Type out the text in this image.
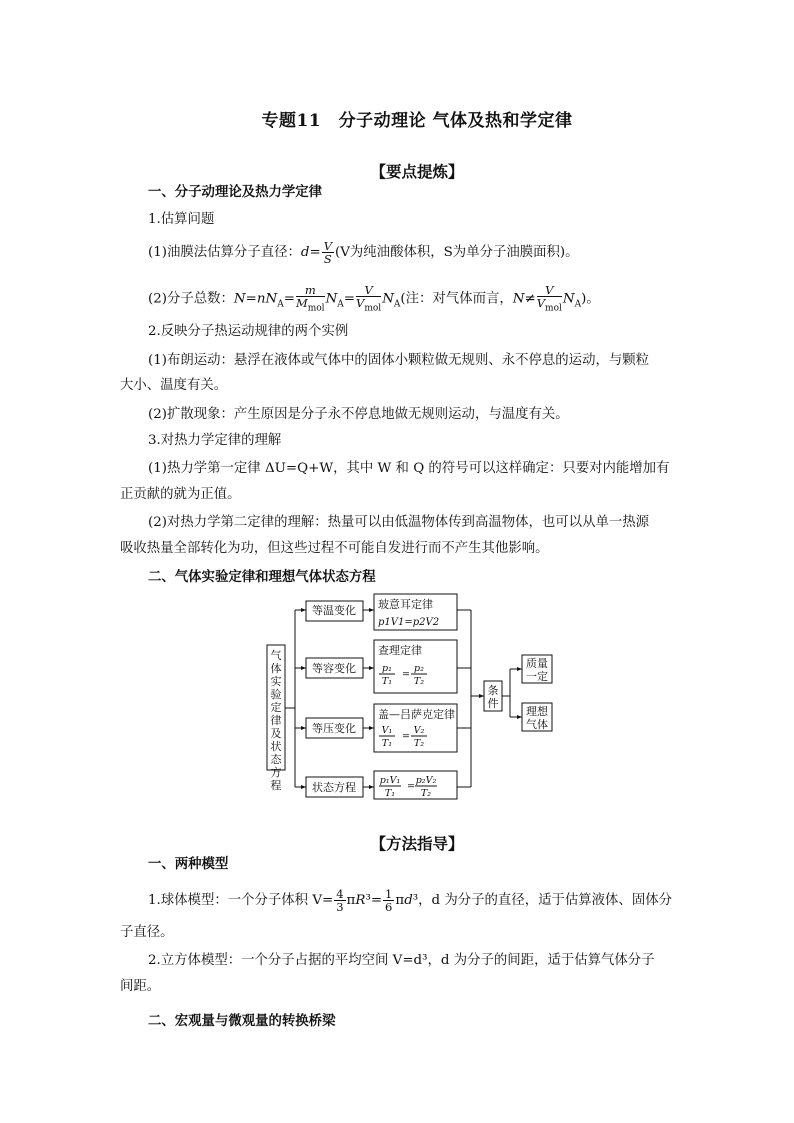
专题11　分子动理论 气体及热和学定律
【要点提炼】
一、分子动理论及热力学定律
1.估算问题
(1)油膜法估算分子直径：$d= \frac{V}{S} (V$为纯油酸体积，S为单分子油膜面积)。
(2)分子总数：$N=nN_A= \frac{m}{M_{mol}} N_A= \frac{V}{V_{mol}} N_A$(注：对气体而言，$N\ne \frac{V}{V_{mol}} N_A$)。
2.反映分子热运动规律的两个实例
(1)布朗运动：悬浮在液体或气体中的固体小颗粒做无规则、永不停息的运动，与颗粒
大小、温度有关。
(2)扩散现象：产生原因是分子永不停息地做无规则运动，与温度有关。
3.对热力学定律的理解
(1)热力学第一定律 ΔU=Q+W，其中 W 和 Q 的符号可以这样确定：只要对内能增加有
正贡献的就为正值。
(2)对热力学第二定律的理解：热量可以由低温物体传到高温物体，也可以从单一热源
吸收热量全部转化为功，但这些过程不可能自发进行而不产生其他影响。
二、气体实验定律和理想气体状态方程
气
体
实
验
定
律
及
状
态
方
程
等温变化
等容变化
等压变化
状态方程
玻意耳定律
p1V1=p2V2
查理定律
盖—吕萨克定律
p₁
T₁
=
p₂
T₂
V₁
T₁
=
V₂
T₂
p₁V₁
T₁
=
p₂V₂
T₂
条
件
质量
一定
理想
气体
【方法指导】
一、两种模型
1.球体模型：一个分子体积 $V= \frac{4}{3} \pi R^3= \frac{1}{6} \pi d^3$，d 为分子的直径，适于估算液体、固体分
子直径。
2.立方体模型：一个分子占据的平均空间 V=d³，d 为分子的间距，适于估算气体分子
间距。
二、宏观量与微观量的转换桥梁
